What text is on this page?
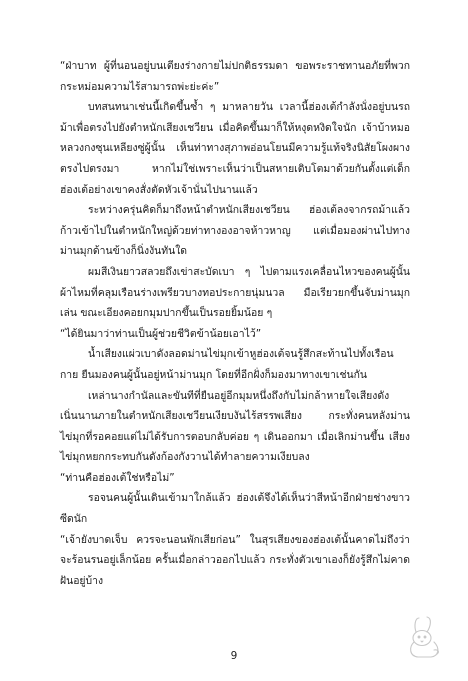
“ฝ่าบาท ผู้ที่นอนอยู่บนเตียงร่างกายไม่ปกติธรรมดา ขอพระราชทานอภัยที่พวกกระหม่อมความไร้สามารถพ่ะย่ะค่ะ”

บทสนทนาเช่นนี้เกิดขึ้นซ้ำ ๆ มาหลายวัน เวลานี้ฮ่องเต้กำลังนั่งอยู่บนรถม้าเพื่อตรงไปยังตำหนักเสียงเชวียน เมื่อคิดขึ้นมาก็ให้หงุดหงิดใจนัก เจ้าบ้าหมอหลวงกงซุนเหลียงซู่ผู้นั้น เห็นท่าทางสุภาพอ่อนโยนมีความรู้แท้จริงนิสัยโผงผางตรงไปตรงมา หากไม่ใช่เพราะเห็นว่าเป็นสหายเติบโตมาด้วยกันตั้งแต่เด็ก ฮ่องเต้อย่างเขาคงสั่งตัดหัวเจ้านั่นไปนานแล้ว

ระหว่างครุ่นคิดก็มาถึงหน้าตำหนักเสียงเชวียน ฮ่องเต้ลงจากรถม้าแล้วก้าวเข้าไปในตำหนักใหญ่ด้วยท่าทางองอาจห้าวหาญ แต่เมื่อมองผ่านไปทางม่านมุกด้านข้างก็นิ่งงันทันใด

ผมสีเงินยาวสลวยถึงเข่าสะบัดเบา ๆ ไปตามแรงเคลื่อนไหวของคนผู้นั้น ผ้าไหมที่คลุมเรือนร่างเพรียวบางทอประกายนุ่มนวล มือเรียวยกขึ้นจับม่านมุกเล่น ขณะเอียงคอยกมุมปากขึ้นเป็นรอยยิ้มน้อย ๆ

“ได้ยินมาว่าท่านเป็นผู้ช่วยชีวิตข้าน้อยเอาไว้”

น้ำเสียงแผ่วเบาดังลอดม่านไข่มุกเข้าหูฮ่องเต้จนรู้สึกสะท้านไปทั้งเรือนกาย ยืนมองคนผู้นั้นอยู่หน้าม่านมุก โดยที่อีกฝั่งก็มองมาทางเขาเช่นกัน

เหล่านางกำนัลและขันทีที่ยืนอยู่อีกมุมหนึ่งถึงกับไม่กล้าหายใจเสียงดัง เนิ่นนานภายในตำหนักเสียงเชวียนเงียบงันไร้สรรพเสียง กระทั่งคนหลังม่านไข่มุกที่รอคอยแต่ไม่ได้รับการตอบกลับค่อย ๆ เดินออกมา เมื่อเลิกม่านขึ้น เสียงไข่มุกหยกกระทบกันดังก้องกังวานได้ทำลายความเงียบลง

“ท่านคือฮ่องเต้ใช่หรือไม่”

รอจนคนผู้นั้นเดินเข้ามาใกล้แล้ว ฮ่องเต้จึงได้เห็นว่าสีหน้าอีกฝ่ายช่างขาวซีดนัก

“เจ้ายังบาดเจ็บ ควรจะนอนพักเสียก่อน” ในสุรเสียงของฮ่องเต้นั้นคาดไม่ถึงว่าจะร้อนรนอยู่เล็กน้อย ครั้นเมื่อกล่าวออกไปแล้ว กระทั่งตัวเขาเองก็ยังรู้สึกไม่คาดฝันอยู่บ้าง

9
